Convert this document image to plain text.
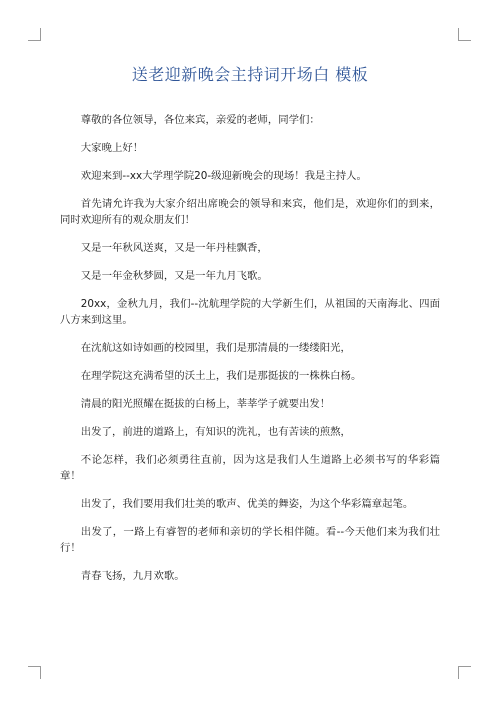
送老迎新晚会主持词开场白 模板

尊敬的各位领导，各位来宾，亲爱的老师，同学们：

大家晚上好！

欢迎来到--xx大学理学院20-级迎新晚会的现场！我是主持人。

首先请允许我为大家介绍出席晚会的领导和来宾，他们是，欢迎你们的到来，同时欢迎所有的观众朋友们！

又是一年秋风送爽，又是一年丹桂飘香，

又是一年金秋梦圆，又是一年九月飞歌。

20xx，金秋九月，我们--沈航理学院的大学新生们，从祖国的天南海北、四面八方来到这里。

在沈航这如诗如画的校园里，我们是那清晨的一缕缕阳光，

在理学院这充满希望的沃土上，我们是那挺拔的一株株白杨。

清晨的阳光照耀在挺拔的白杨上，莘莘学子就要出发！

出发了，前进的道路上，有知识的洗礼，也有苦读的煎熬，

不论怎样，我们必须勇往直前，因为这是我们人生道路上必须书写的华彩篇章！

出发了，我们要用我们壮美的歌声、优美的舞姿，为这个华彩篇章起笔。

出发了，一路上有睿智的老师和亲切的学长相伴随。看--今天他们来为我们壮行！

青春飞扬，九月欢歌。
